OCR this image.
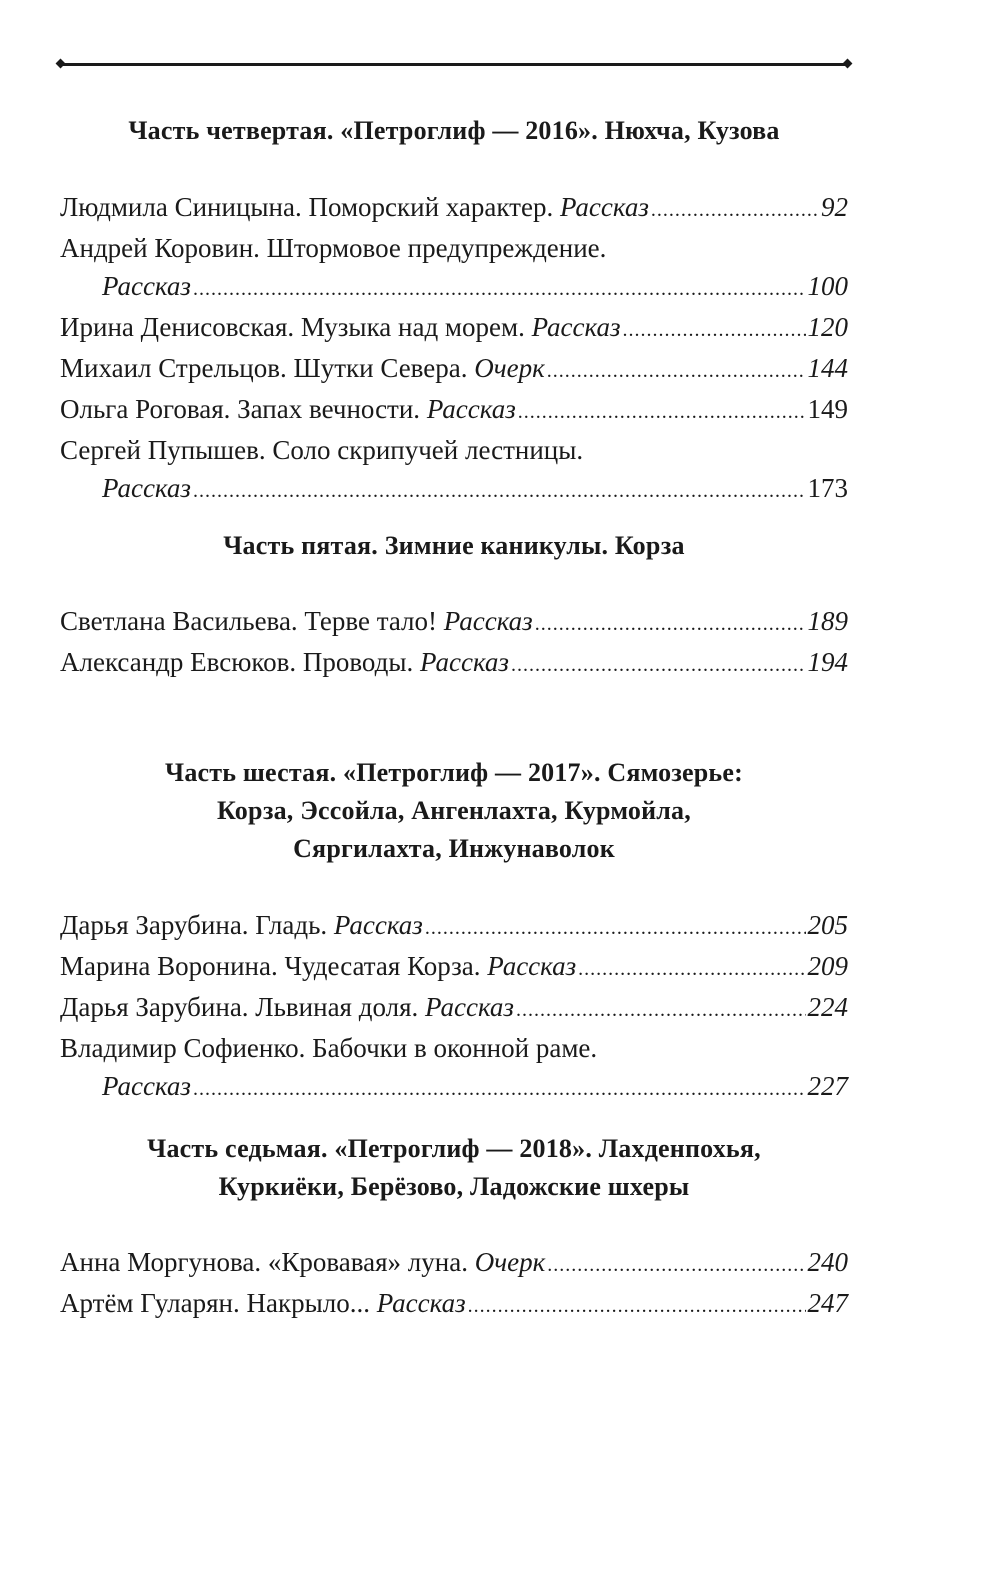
Часть четвертая. «Петроглиф — 2016». Нюхча, Кузова
Людмила Синицына. Поморский характер.
Рассказ .....	92
Андрей Коровин. Штормовое предупреждение.
Рассказ .....	100
Ирина Денисовская. Музыка над морем.
Рассказ .....	120
Михаил Стрельцов. Шутки Севера.
Очерк .....	144
Ольга Роговая. Запах вечности.
Рассказ .....	149
Сергей Пупышев. Соло скрипучей лестницы.
Рассказ .....	173
Часть пятая. Зимние каникулы. Корза
Светлана Васильева. Терве тало!
Рассказ .....	189
Александр Евсюков. Проводы.
Рассказ .....	194
Часть шестая. «Петроглиф — 2017». Сямозерье:
Корза, Эссойла, Ангенлахта, Курмойла,
Сяргилахта, Инжунаволок
Дарья Зарубина. Гладь.
Рассказ .....	205
Марина Воронина. Чудесатая Корза.
Рассказ .....	209
Дарья Зарубина. Львиная доля.
Рассказ .....	224
Владимир Софиенко. Бабочки в оконной раме.
Рассказ .....	227
Часть седьмая. «Петроглиф — 2018». Лахденпохья,
Куркиёки, Берёзово, Ладожские шхеры
Анна Моргунова. «Кровавая» луна.
Очерк .....	240
Артём Гуларян. Накрыло...
Рассказ .....	247
